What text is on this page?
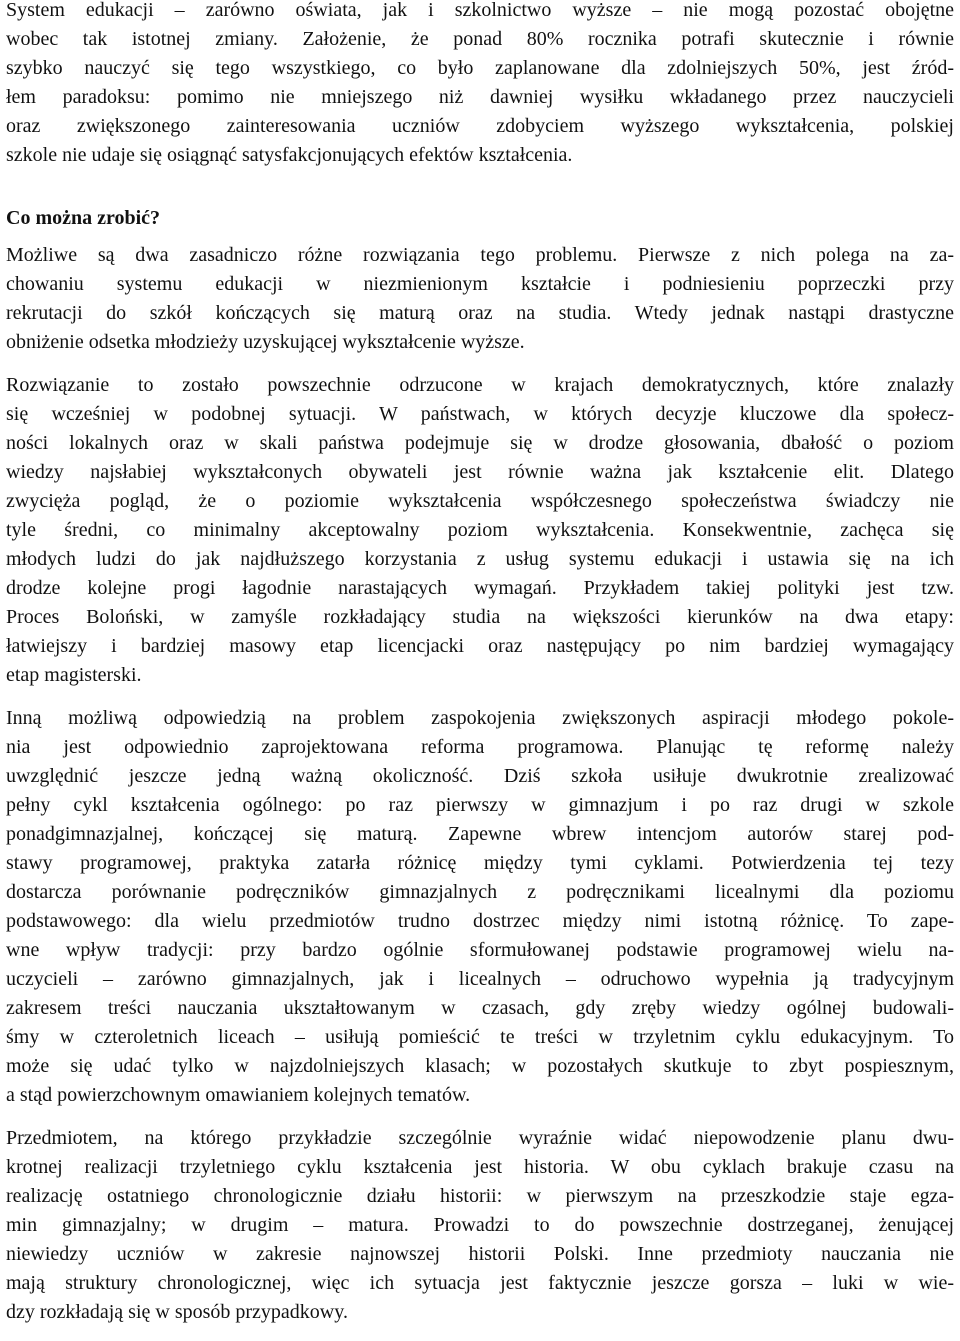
System edukacji – zarówno oświata, jak i szkolnictwo wyższe – nie mogą pozostać obojętne
wobec tak istotnej zmiany. Założenie, że ponad 80% rocznika potrafi skutecznie i równie
szybko nauczyć się tego wszystkiego, co było zaplanowane dla zdolniejszych 50%, jest źród-
łem paradoksu: pomimo nie mniejszego niż dawniej wysiłku wkładanego przez nauczycieli
oraz zwiększonego zainteresowania uczniów zdobyciem wyższego wykształcenia, polskiej
szkole nie udaje się osiągnąć satysfakcjonujących efektów kształcenia.
Co można zrobić?
Możliwe są dwa zasadniczo różne rozwiązania tego problemu. Pierwsze z nich polega na za-
chowaniu systemu edukacji w niezmienionym kształcie i podniesieniu poprzeczki przy
rekrutacji do szkół kończących się maturą oraz na studia. Wtedy jednak nastąpi drastyczne
obniżenie odsetka młodzieży uzyskującej wykształcenie wyższe.
Rozwiązanie to zostało powszechnie odrzucone w krajach demokratycznych, które znalazły
się wcześniej w podobnej sytuacji. W państwach, w których decyzje kluczowe dla społecz-
ności lokalnych oraz w skali państwa podejmuje się w drodze głosowania, dbałość o poziom
wiedzy najsłabiej wykształconych obywateli jest równie ważna jak kształcenie elit. Dlatego
zwycięża pogląd, że o poziomie wykształcenia współczesnego społeczeństwa świadczy nie
tyle średni, co minimalny akceptowalny poziom wykształcenia. Konsekwentnie, zachęca się
młodych ludzi do jak najdłuższego korzystania z usług systemu edukacji i ustawia się na ich
drodze kolejne progi łagodnie narastających wymagań. Przykładem takiej polityki jest tzw.
Proces Boloński, w zamyśle rozkładający studia na większości kierunków na dwa etapy:
łatwiejszy i bardziej masowy etap licencjacki oraz następujący po nim bardziej wymagający
etap magisterski.
Inną możliwą odpowiedzią na problem zaspokojenia zwiększonych aspiracji młodego pokole-
nia jest odpowiednio zaprojektowana reforma programowa. Planując tę reformę należy
uwzględnić jeszcze jedną ważną okoliczność. Dziś szkoła usiłuje dwukrotnie zrealizować
pełny cykl kształcenia ogólnego: po raz pierwszy w gimnazjum i po raz drugi w szkole
ponadgimnazjalnej, kończącej się maturą. Zapewne wbrew intencjom autorów starej pod-
stawy programowej, praktyka zatarła różnicę między tymi cyklami. Potwierdzenia tej tezy
dostarcza porównanie podręczników gimnazjalnych z podręcznikami licealnymi dla poziomu
podstawowego: dla wielu przedmiotów trudno dostrzec między nimi istotną różnicę. To zape-
wne wpływ tradycji: przy bardzo ogólnie sformułowanej podstawie programowej wielu na-
uczycieli – zarówno gimnazjalnych, jak i licealnych – odruchowo wypełnia ją tradycyjnym
zakresem treści nauczania ukształtowanym w czasach, gdy zręby wiedzy ogólnej budowali-
śmy w czteroletnich liceach – usiłują pomieścić te treści w trzyletnim cyklu edukacyjnym. To
może się udać tylko w najzdolniejszych klasach; w pozostałych skutkuje to zbyt pospiesznym,
a stąd powierzchownym omawianiem kolejnych tematów.
Przedmiotem, na którego przykładzie szczególnie wyraźnie widać niepowodzenie planu dwu-
krotnej realizacji trzyletniego cyklu kształcenia jest historia. W obu cyklach brakuje czasu na
realizację ostatniego chronologicznie działu historii: w pierwszym na przeszkodzie staje egza-
min gimnazjalny; w drugim – matura. Prowadzi to do powszechnie dostrzeganej, żenującej
niewiedzy uczniów w zakresie najnowszej historii Polski. Inne przedmioty nauczania nie
mają struktury chronologicznej, więc ich sytuacja jest faktycznie jeszcze gorsza – luki w wie-
dzy rozkładają się w sposób przypadkowy.
